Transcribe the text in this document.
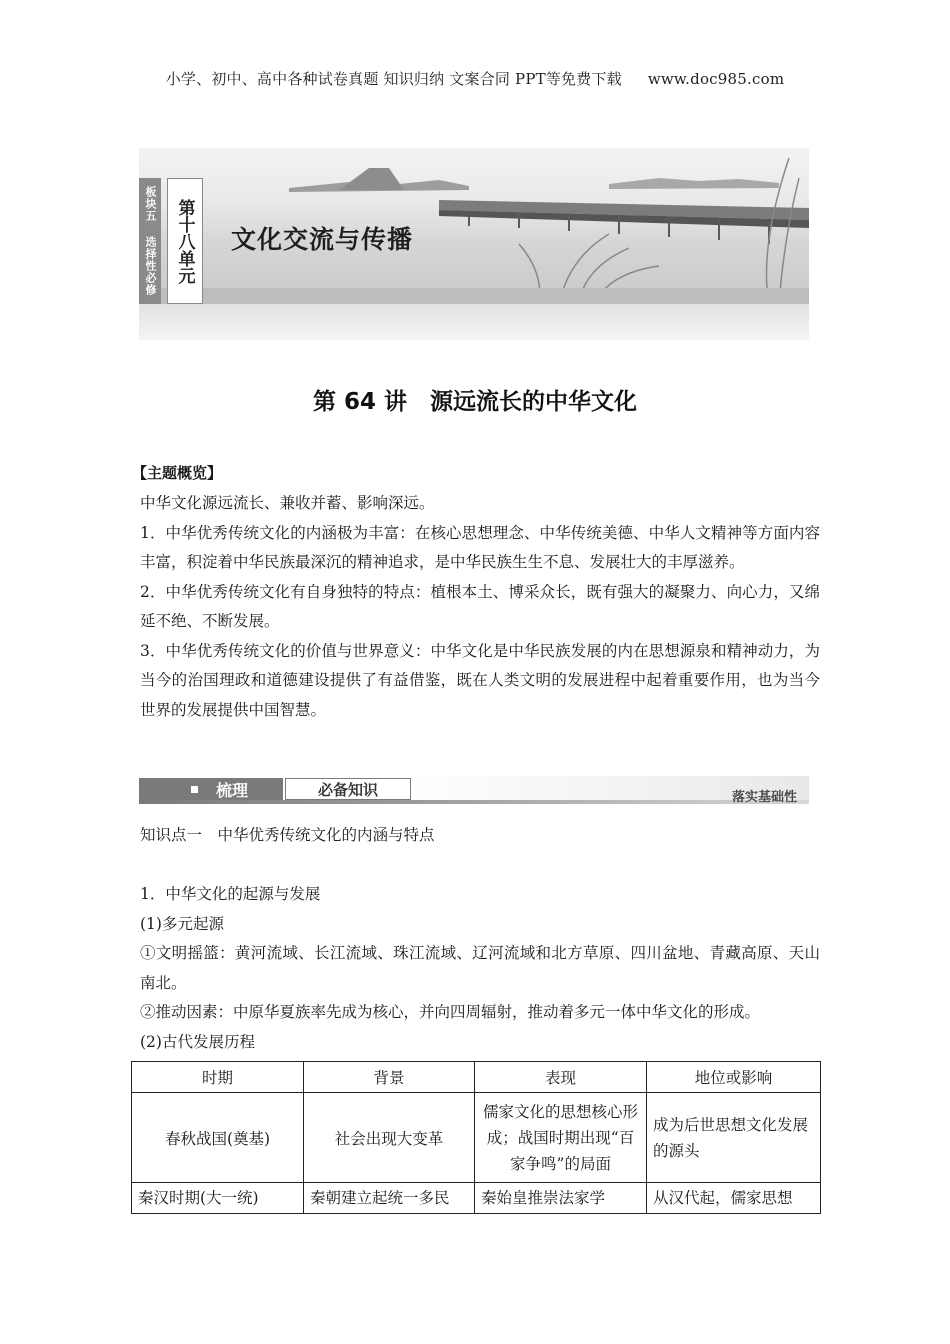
小学、初中、高中各种试卷真题 知识归纳 文案合同 PPT等免费下载 www.doc985.com
板块五 选择性必修	第十八单元	文化交流与传播
第 64 讲　源远流长的中华文化
【主题概览】

中华文化源远流长、兼收并蓄、影响深远。

1．中华优秀传统文化的内涵极为丰富：在核心思想理念、中华传统美德、中华人文精神等方面内容丰富，积淀着中华民族最深沉的精神追求，是中华民族生生不息、发展壮大的丰厚滋养。

2．中华优秀传统文化有自身独特的特点：植根本土、博采众长，既有强大的凝聚力、向心力，又绵延不绝、不断发展。

3．中华优秀传统文化的价值与世界意义：中华文化是中华民族发展的内在思想源泉和精神动力，为当今的治国理政和道德建设提供了有益借鉴，既在人类文明的发展进程中起着重要作用，也为当今世界的发展提供中国智慧。

梳理	必备知识	落实基础性
知识点一　中华优秀传统文化的内涵与特点
1．中华文化的起源与发展
(1)多元起源
①文明摇篮：黄河流域、长江流域、珠江流域、辽河流域和北方草原、四川盆地、青藏高原、天山南北。
②推动因素：中原华夏族率先成为核心，并向四周辐射，推动着多元一体中华文化的形成。
(2)古代发展历程
时期	背景	表现	地位或影响
春秋战国(奠基)	社会出现大变革	儒家文化的思想核心形成；战国时期出现“百家争鸣”的局面	成为后世思想文化发展的源头
秦汉时期(大一统)	秦朝建立起统一多民	秦始皇推崇法家学	从汉代起，儒家思想
